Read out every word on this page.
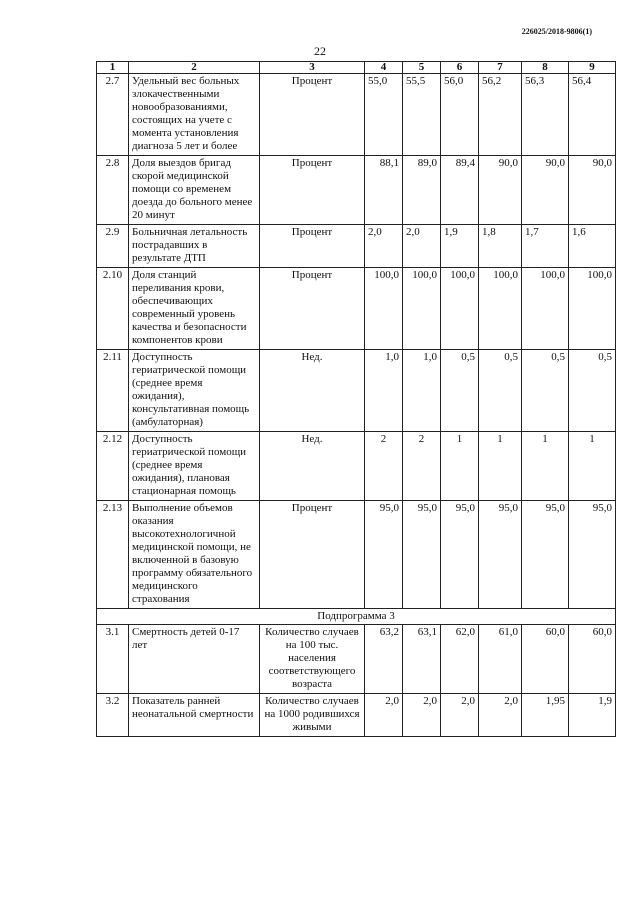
226025/2018-9806(1)
22
1	2	3	4	5	6	7	8	9
2.7	Удельный вес больных злокачественными новообразованиями, состоящих на учете с момента установления диагноза 5 лет и более	Процент	55,0	55,5	56,0	56,2	56,3	56,4
2.8	Доля выездов бригад скорой медицинской помощи со временем доезда до больного менее 20 минут	Процент	88,1	89,0	89,4	90,0	90,0	90,0
2.9	Больничная летальность пострадавших в результате ДТП	Процент	2,0	2,0	1,9	1,8	1,7	1,6
2.10	Доля станций переливания крови, обеспечивающих современный уровень качества и безопасности компонентов крови	Процент	100,0	100,0	100,0	100,0	100,0	100,0
2.11	Доступность гериатрической помощи (среднее время ожидания), консультативная помощь (амбулаторная)	Нед.	1,0	1,0	0,5	0,5	0,5	0,5
2.12	Доступность гериатрической помощи (среднее время ожидания), плановая стационарная помощь	Нед.	2	2	1	1	1	1
2.13	Выполнение объемов оказания высокотехнологичной медицинской помощи, не включенной в базовую программу обязательного медицинского страхования	Процент	95,0	95,0	95,0	95,0	95,0	95,0
Подпрограмма 3								
3.1	Смертность детей 0-17 лет	Количество случаев на 100 тыс. населения соответствующего возраста	63,2	63,1	62,0	61,0	60,0	60,0
3.2	Показатель ранней неонатальной смертности	Количество случаев на 1000 родившихся живыми	2,0	2,0	2,0	2,0	1,95	1,9
